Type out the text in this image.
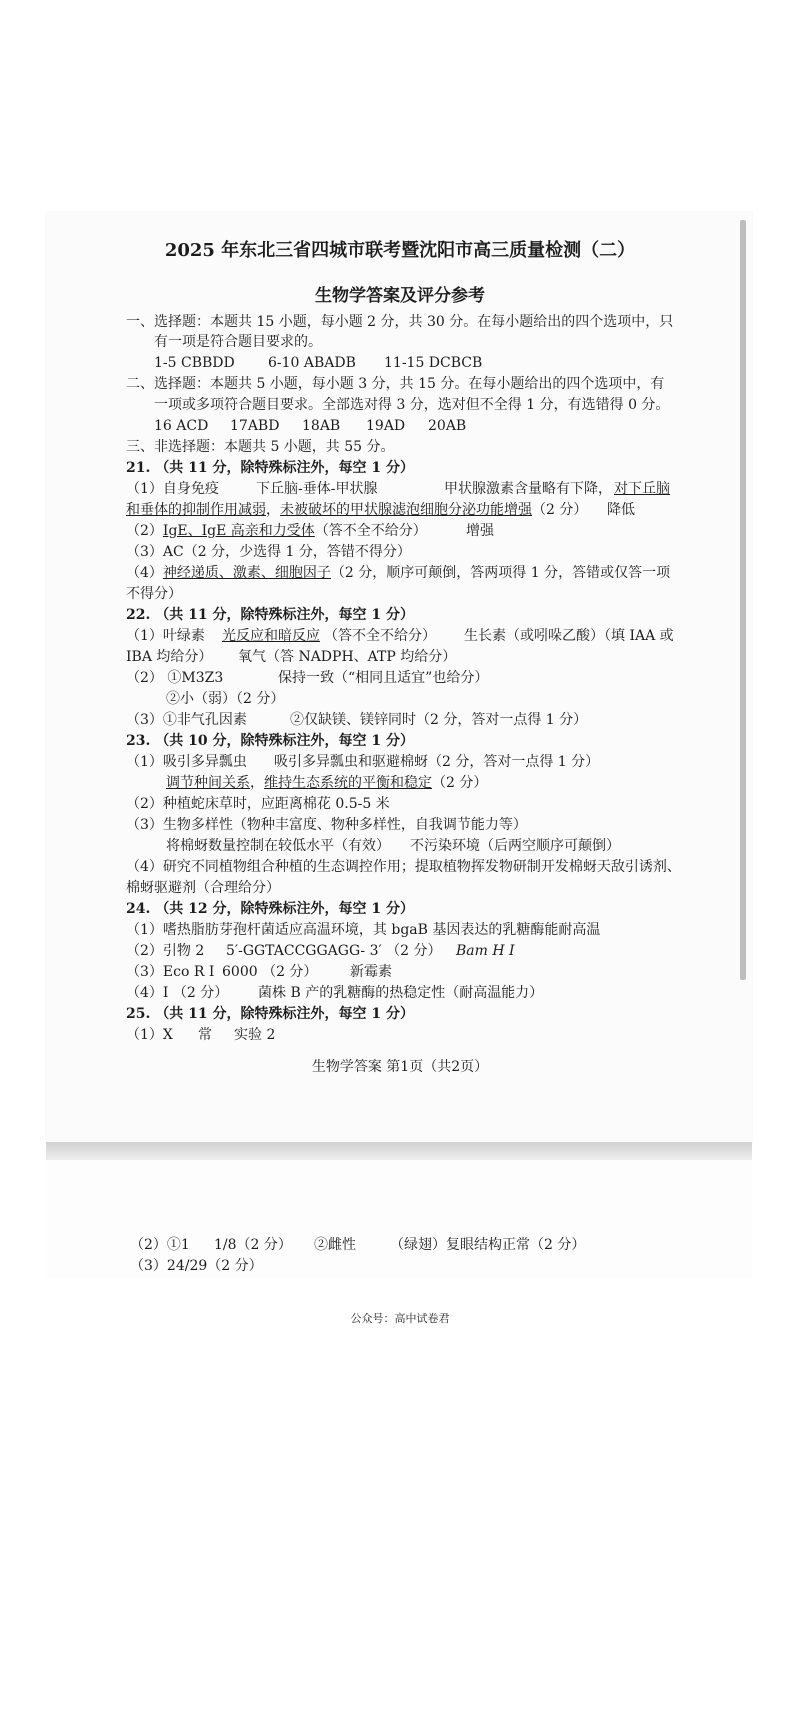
2025 年东北三省四城市联考暨沈阳市高三质量检测（二）
生物学答案及评分参考
一、选择题：本题共 15 小题，每小题 2 分，共 30 分。在每小题给出的四个选项中，只
有一项是符合题目要求的。
1-5 CBBDD 6-10 ABADB 11-15 DCBCB
二、选择题：本题共 5 小题，每小题 3 分，共 15 分。在每小题给出的四个选项中，有
一项或多项符合题目要求。全部选对得 3 分，选对但不全得 1 分，有选错得 0 分。
16 ACD 17ABD 18AB 19AD 20AB
三、非选择题：本题共 5 小题，共 55 分。
21. （共 11 分，除特殊标注外，每空 1 分）
（1）自身免疫	下丘脑-垂体-甲状腺	甲状腺激素含量略有下降， 对下丘脑
和垂体的抑制作用减弱，未被破坏的甲状腺滤泡细胞分泌功能增强（2 分） 降低
（2）IgE、IgE 高亲和力受体（答不全不给分）	增强
（3）AC（2 分，少选得 1 分，答错不得分）
（4）神经递质、激素、细胞因子（2 分，顺序可颠倒，答两项得 1 分，答错或仅答一项
不得分）
22. （共 11 分，除特殊标注外，每空 1 分）
（1）叶绿素 光反应和暗反应 （答不全不给分） 生长素（或吲哚乙酸）（填 IAA 或
IBA 均给分） 氧气（答 NADPH、ATP 均给分）
（2） ①M3Z3	保持一致（“相同且适宜”也给分）
②小（弱）（2 分）
（3）①非气孔因素	②仅缺镁、镁锌同时（2 分，答对一点得 1 分）
23. （共 10 分，除特殊标注外，每空 1 分）
（1）吸引多异瓢虫 吸引多异瓢虫和驱避棉蚜（2 分，答对一点得 1 分）
调节种间关系，维持生态系统的平衡和稳定（2 分）
（2）种植蛇床草时，应距离棉花 0.5-5 米
（3）生物多样性（物种丰富度、物种多样性，自我调节能力等）
将棉蚜数量控制在较低水平（有效） 不污染环境（后两空顺序可颠倒）
（4）研究不同植物组合种植的生态调控作用；提取植物挥发物研制开发棉蚜天敌引诱剂、
棉蚜驱避剂（合理给分）
24. （共 12 分，除特殊标注外，每空 1 分）
（1）嗜热脂肪芽孢杆菌适应高温环境，其 bgaB 基因表达的乳糖酶能耐高温
（2）引物 2 5′-GGTACCGGAGG- 3′ （2 分） Bam H I
（3）Eco R I 6000 （2 分） 新霉素
（4）I （2 分） 菌株 B 产的乳糖酶的热稳定性（耐高温能力）
25. （共 11 分，除特殊标注外，每空 1 分）
（1）X 常 实验 2
生物学答案 第1页（共2页）
（2）①1 1/8（2 分） ②雌性 （绿翅）复眼结构正常（2 分）
（3）24/29（2 分）
公众号：高中试卷君
